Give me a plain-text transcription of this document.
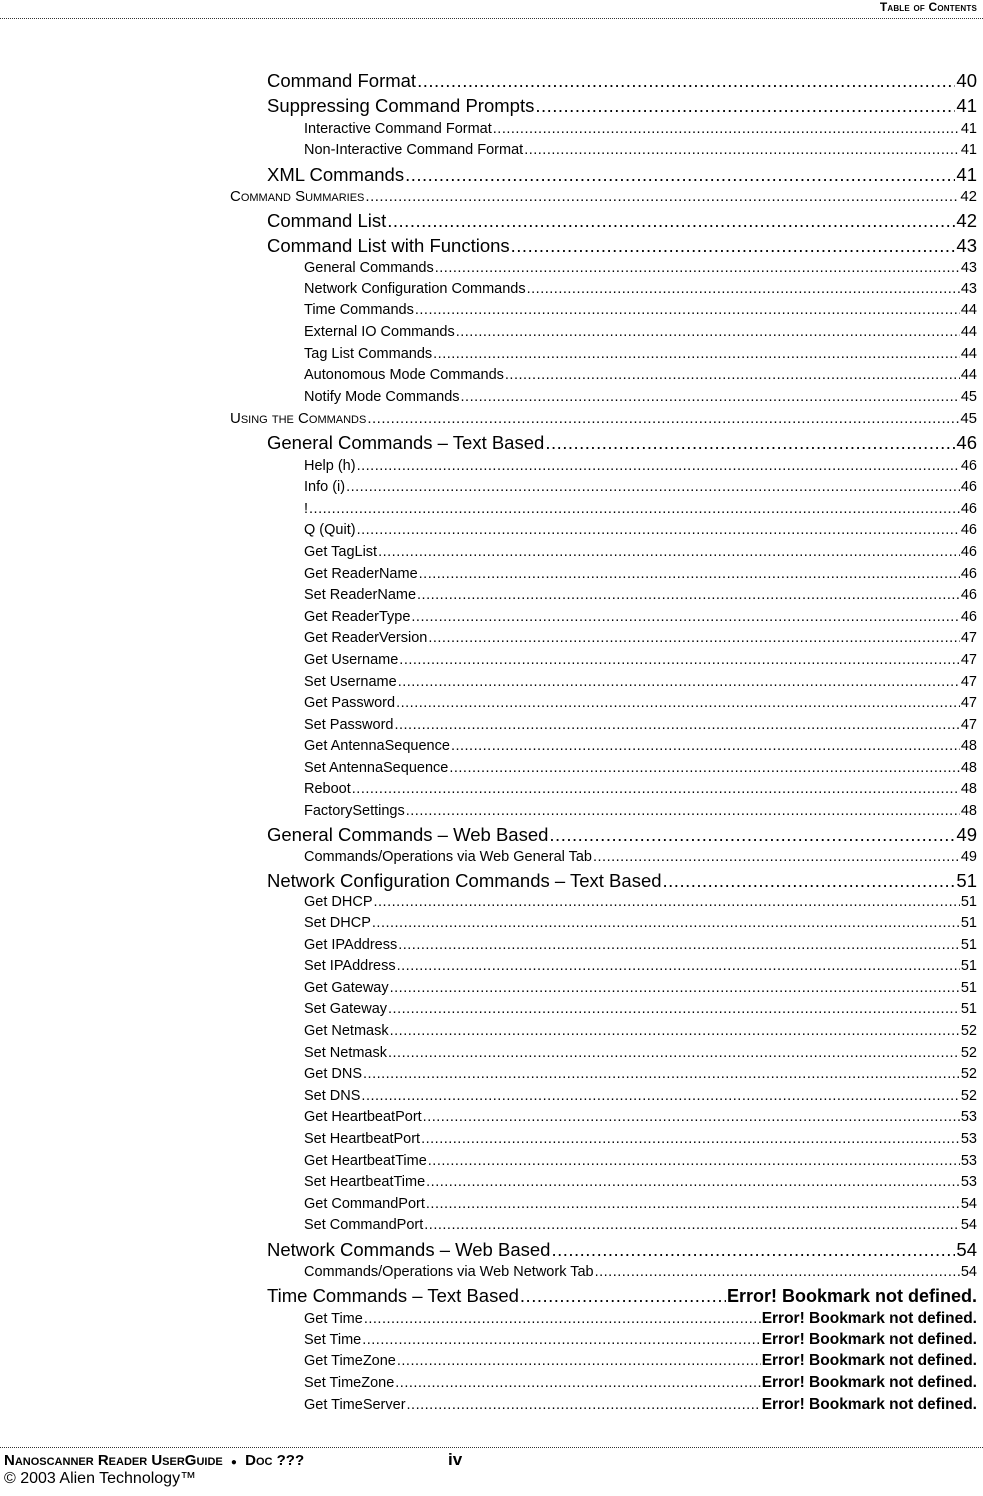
Table of Contents
Command Format .....	40
Suppressing Command Prompts .....	41
Interactive Command Format .....	41
Non-Interactive Command Format .....	41
XML Commands .....	41
Command Summaries .....	42
Command List .....	42
Command List with Functions .....	43
General Commands .....	43
Network Configuration Commands .....	43
Time Commands .....	44
External IO Commands .....	44
Tag List Commands .....	44
Autonomous Mode Commands .....	44
Notify Mode Commands .....	45
Using the Commands .....	45
General Commands – Text Based .....	46
Help (h) .....	46
Info (i) .....	46
! .....	46
Q (Quit) .....	46
Get TagList .....	46
Get ReaderName .....	46
Set ReaderName .....	46
Get ReaderType .....	46
Get ReaderVersion .....	47
Get Username .....	47
Set Username .....	47
Get Password .....	47
Set Password .....	47
Get AntennaSequence .....	48
Set AntennaSequence .....	48
Reboot .....	48
FactorySettings .....	48
General Commands – Web Based .....	49
Commands/Operations via Web General Tab .....	49
Network Configuration Commands – Text Based .....	51
Get DHCP .....	51
Set DHCP .....	51
Get IPAddress .....	51
Set IPAddress .....	51
Get Gateway .....	51
Set Gateway .....	51
Get Netmask .....	52
Set Netmask .....	52
Get DNS .....	52
Set DNS .....	52
Get HeartbeatPort .....	53
Set HeartbeatPort .....	53
Get HeartbeatTime .....	53
Set HeartbeatTime .....	53
Get CommandPort .....	54
Set CommandPort .....	54
Network Commands – Web Based .....	54
Commands/Operations via Web Network Tab .....	54
Time Commands – Text Based .....	Error! Bookmark not defined.
Get Time .....	Error! Bookmark not defined.
Set Time .....	Error! Bookmark not defined.
Get TimeZone .....	Error! Bookmark not defined.
Set TimeZone .....	Error! Bookmark not defined.
Get TimeServer .....	Error! Bookmark not defined.
Nanoscanner Reader UserGuide ● Doc ???	iv
© 2003 Alien Technology™
